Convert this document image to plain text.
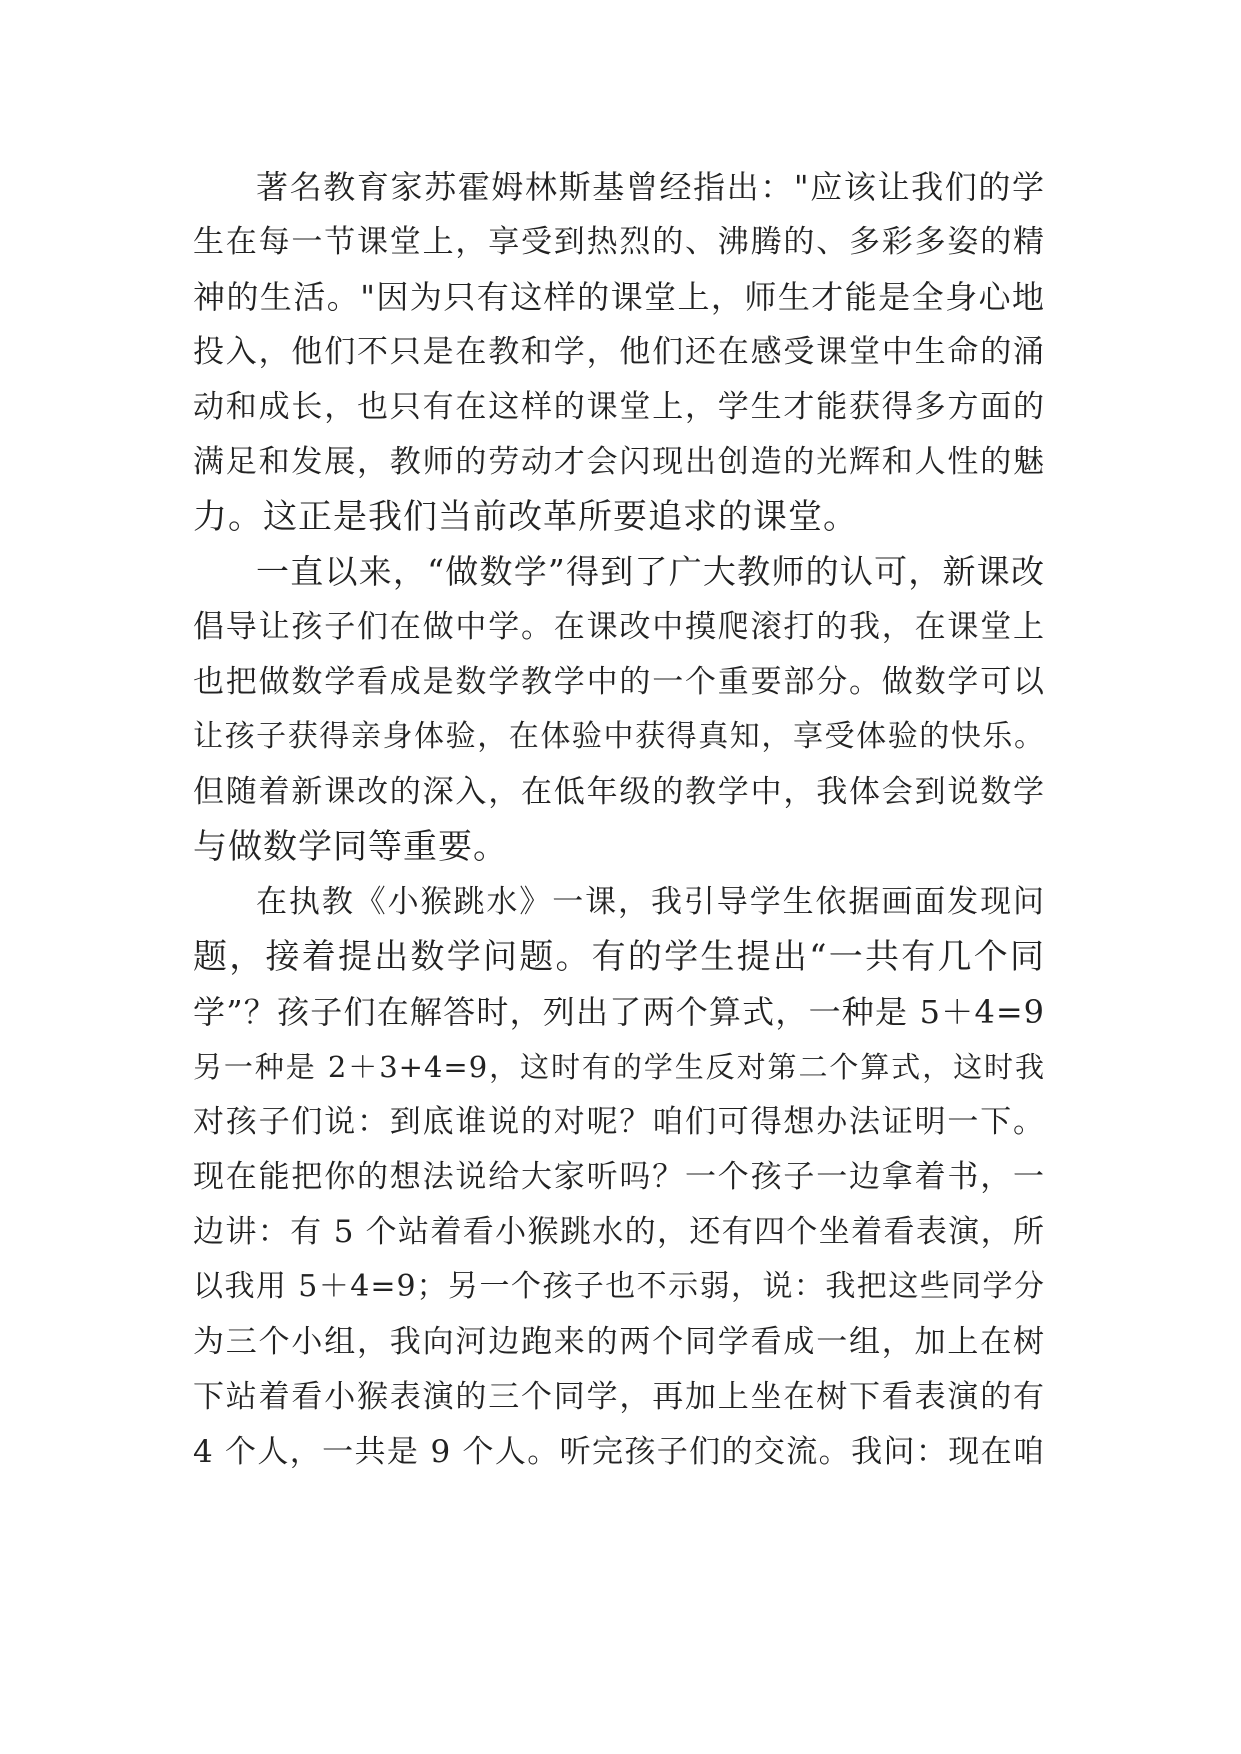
著名教育家苏霍姆林斯基曾经指出："应该让我们的学
生在每一节课堂上，享受到热烈的、沸腾的、多彩多姿的精
神的生活。"因为只有这样的课堂上，师生才能是全身心地
投入，他们不只是在教和学，他们还在感受课堂中生命的涌
动和成长，也只有在这样的课堂上，学生才能获得多方面的
满足和发展，教师的劳动才会闪现出创造的光辉和人性的魅
力。这正是我们当前改革所要追求的课堂。
一直以来，“做数学”得到了广大教师的认可，新课改
倡导让孩子们在做中学。在课改中摸爬滚打的我，在课堂上
也把做数学看成是数学教学中的一个重要部分。做数学可以
让孩子获得亲身体验，在体验中获得真知，享受体验的快乐。
但随着新课改的深入，在低年级的教学中，我体会到说数学
与做数学同等重要。
在执教《小猴跳水》一课，我引导学生依据画面发现问
题，接着提出数学问题。有的学生提出“一共有几个同
学”？孩子们在解答时，列出了两个算式，一种是 5＋4=9
另一种是 2＋3+4=9，这时有的学生反对第二个算式，这时我
对孩子们说：到底谁说的对呢？咱们可得想办法证明一下。
现在能把你的想法说给大家听吗？一个孩子一边拿着书，一
边讲：有 5 个站着看小猴跳水的，还有四个坐着看表演，所
以我用 5＋4=9；另一个孩子也不示弱，说：我把这些同学分
为三个小组，我向河边跑来的两个同学看成一组，加上在树
下站着看小猴表演的三个同学，再加上坐在树下看表演的有
4 个人，一共是 9 个人。听完孩子们的交流。我问：现在咱
